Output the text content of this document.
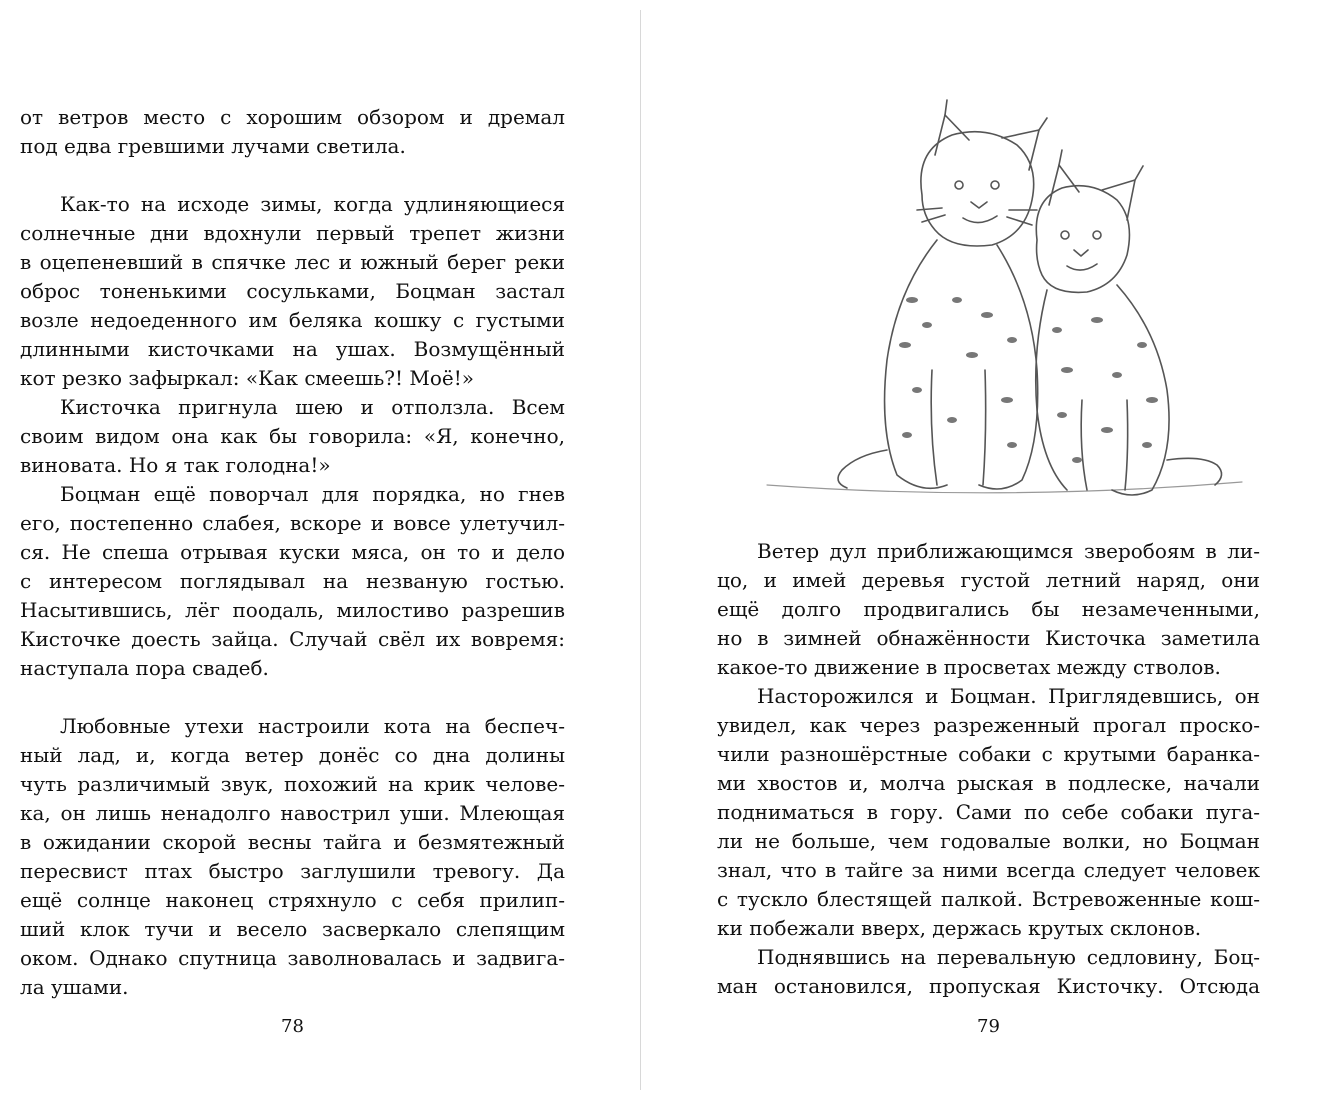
от ветров место с хорошим обзором и дремал
под едва гревшими лучами светила.
Как-то на исходе зимы, когда удлиняющиеся
солнечные дни вдохнули первый трепет жизни
в оцепеневший в спячке лес и южный берег реки
оброс тоненькими сосульками, Боцман застал
возле недоеденного им беляка кошку с густыми
длинными кисточками на ушах. Возмущённый
кот резко зафыркал: «Как смеешь?! Моё!»
Кисточка пригнула шею и отползла. Всем
своим видом она как бы говорила: «Я, конечно,
виновата. Но я так голодна!»
Боцман ещё поворчал для порядка, но гнев
его, постепенно слабея, вскоре и вовсе улетучил-
ся. Не спеша отрывая куски мяса, он то и дело
с интересом поглядывал на незваную гостью.
Насытившись, лёг поодаль, милостиво разрешив
Кисточке доесть зайца. Случай свёл их вовремя:
наступала пора свадеб.
Любовные утехи настроили кота на беспеч-
ный лад, и, когда ветер донёс со дна долины
чуть различимый звук, похожий на крик челове-
ка, он лишь ненадолго навострил уши. Млеющая
в ожидании скорой весны тайга и безмятежный
пересвист птах быстро заглушили тревогу. Да
ещё солнце наконец стряхнуло с себя прилип-
ший клок тучи и весело засверкало слепящим
оком. Однако спутница заволновалась и задвига-
ла ушами.
78
Ветер дул приближающимся зверобоям в ли-
цо, и имей деревья густой летний наряд, они
ещё долго продвигались бы незамеченными,
но в зимней обнажённости Кисточка заметила
какое-то движение в просветах между стволов.
Насторожился и Боцман. Приглядевшись, он
увидел, как через разреженный прогал проско-
чили разношёрстные собаки с крутыми баранка-
ми хвостов и, молча рыская в подлеске, начали
подниматься в гору. Сами по себе собаки пуга-
ли не больше, чем годовалые волки, но Боцман
знал, что в тайге за ними всегда следует человек
с тускло блестящей палкой. Встревоженные кош-
ки побежали вверх, держась крутых склонов.
Поднявшись на перевальную седловину, Боц-
ман остановился, пропуская Кисточку. Отсюда
79
